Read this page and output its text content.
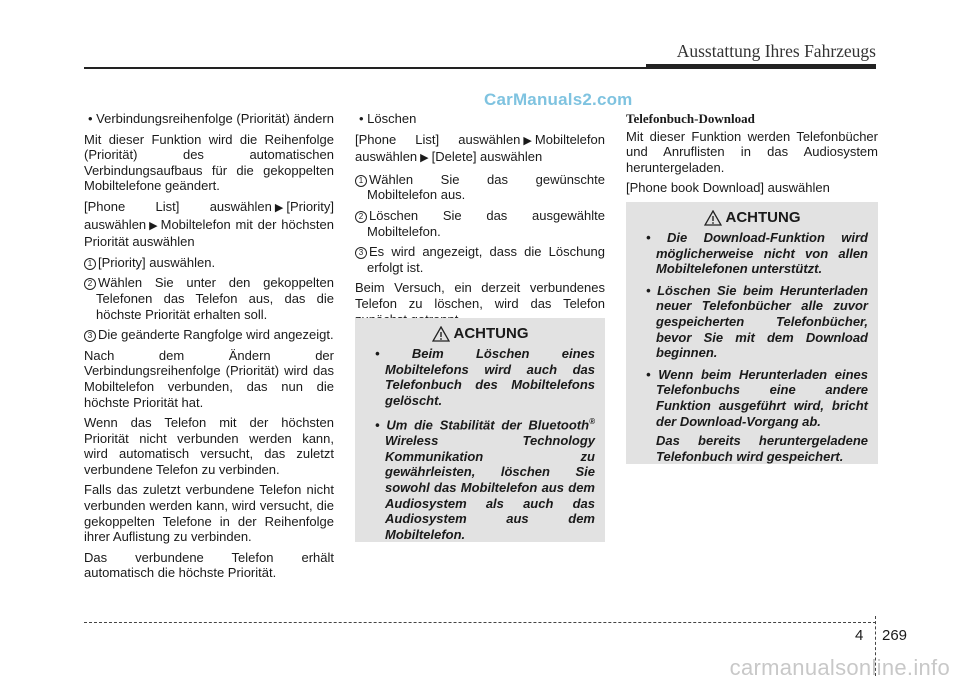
Ausstattung Ihres Fahrzeugs
CarManuals2.com
• Verbindungsreihenfolge (Priorität) ändern

Mit dieser Funktion wird die Reihenfolge (Priorität) des automatischen Verbindungsaufbaus für die gekoppelten Mobiltelefone geändert.

[Phone List] auswählen ▶ [Priority] auswählen ▶ Mobiltelefon mit der höchsten Priorität auswählen

1 [Priority] auswählen.
2 Wählen Sie unter den gekoppelten Telefonen das Telefon aus, das die höchste Priorität erhalten soll.
3 Die geänderte Rangfolge wird angezeigt.

Nach dem Ändern der Verbindungsreihenfolge (Priorität) wird das Mobiltelefon verbunden, das nun die höchste Priorität hat.

Wenn das Telefon mit der höchsten Priorität nicht verbunden werden kann, wird automatisch versucht, das zuletzt verbundene Telefon zu verbinden.

Falls das zuletzt verbundene Telefon nicht verbunden werden kann, wird versucht, die gekoppelten Telefone in der Reihenfolge ihrer Auflistung zu verbinden.

Das verbundene Telefon erhält automatisch die höchste Priorität.

• Löschen

[Phone List] auswählen ▶ Mobiltelefon auswählen ▶ [Delete] auswählen

1 Wählen Sie das gewünschte Mobiltelefon aus.
2 Löschen Sie das ausgewählte Mobiltelefon.
3 Es wird angezeigt, dass die Löschung erfolgt ist.

Beim Versuch, ein derzeit verbundenes Telefon zu löschen, wird das Telefon

ACHTUNG
• Beim Löschen eines Mobiltelefons wird auch das Telefonbuch des Mobiltelefons gelöscht.
• Um die Stabilität der Bluetooth® Wireless Technology Kommunikation zu gewährleisten, löschen Sie sowohl das Mobiltelefon aus dem Audiosystem als auch das Audiosystem aus dem Mobiltelefon.
Telefonbuch-Download

Mit dieser Funktion werden Telefonbücher und Anruflisten in das Audiosystem heruntergeladen.

[Phone book Download] auswählen

ACHTUNG
• Die Download-Funktion wird möglicherweise nicht von allen Mobiltelefonen unterstützt.
• Löschen Sie beim Herunterladen neuer Telefonbücher alle zuvor gespeicherten Telefonbücher, bevor Sie mit dem Download beginnen.
• Wenn beim Herunterladen eines Telefonbuchs eine andere Funktion ausgeführt wird, bricht der Download-Vorgang ab.
Das bereits heruntergeladene Telefonbuch wird gespeichert.
4 269
carmanualsonline.info
